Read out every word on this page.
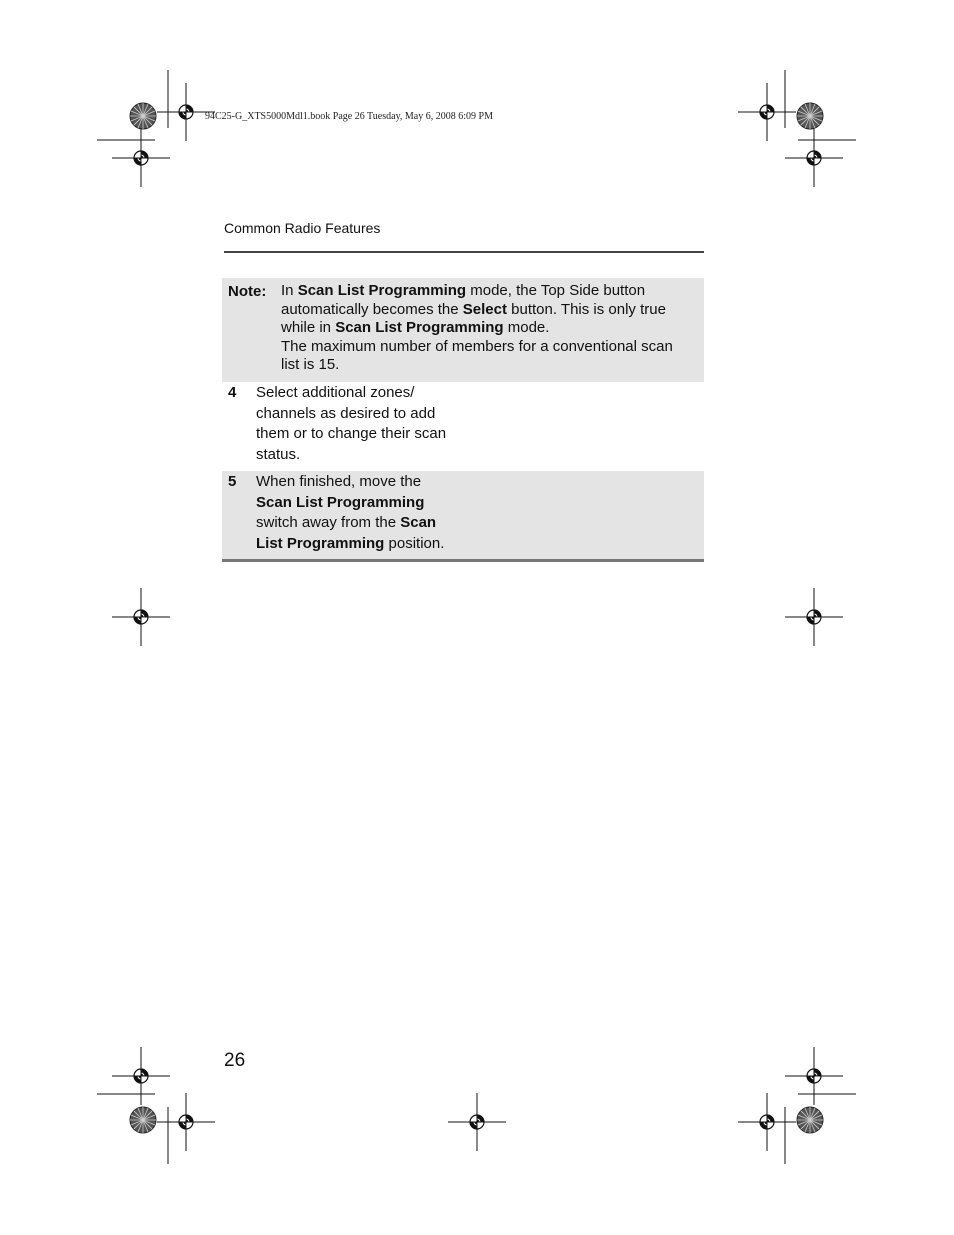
94C25-G_XTS5000Mdl1.book Page 26 Tuesday, May 6, 2008 6:09 PM
Common Radio Features
Note: In Scan List Programming mode, the Top Side button
automatically becomes the Select button. This is only true
while in Scan List Programming mode.
The maximum number of members for a conventional scan
list is 15.
4 Select additional zones/
channels as desired to add
them or to change their scan
status.
5 When finished, move the
Scan List Programming
switch away from the Scan
List Programming position.
26
